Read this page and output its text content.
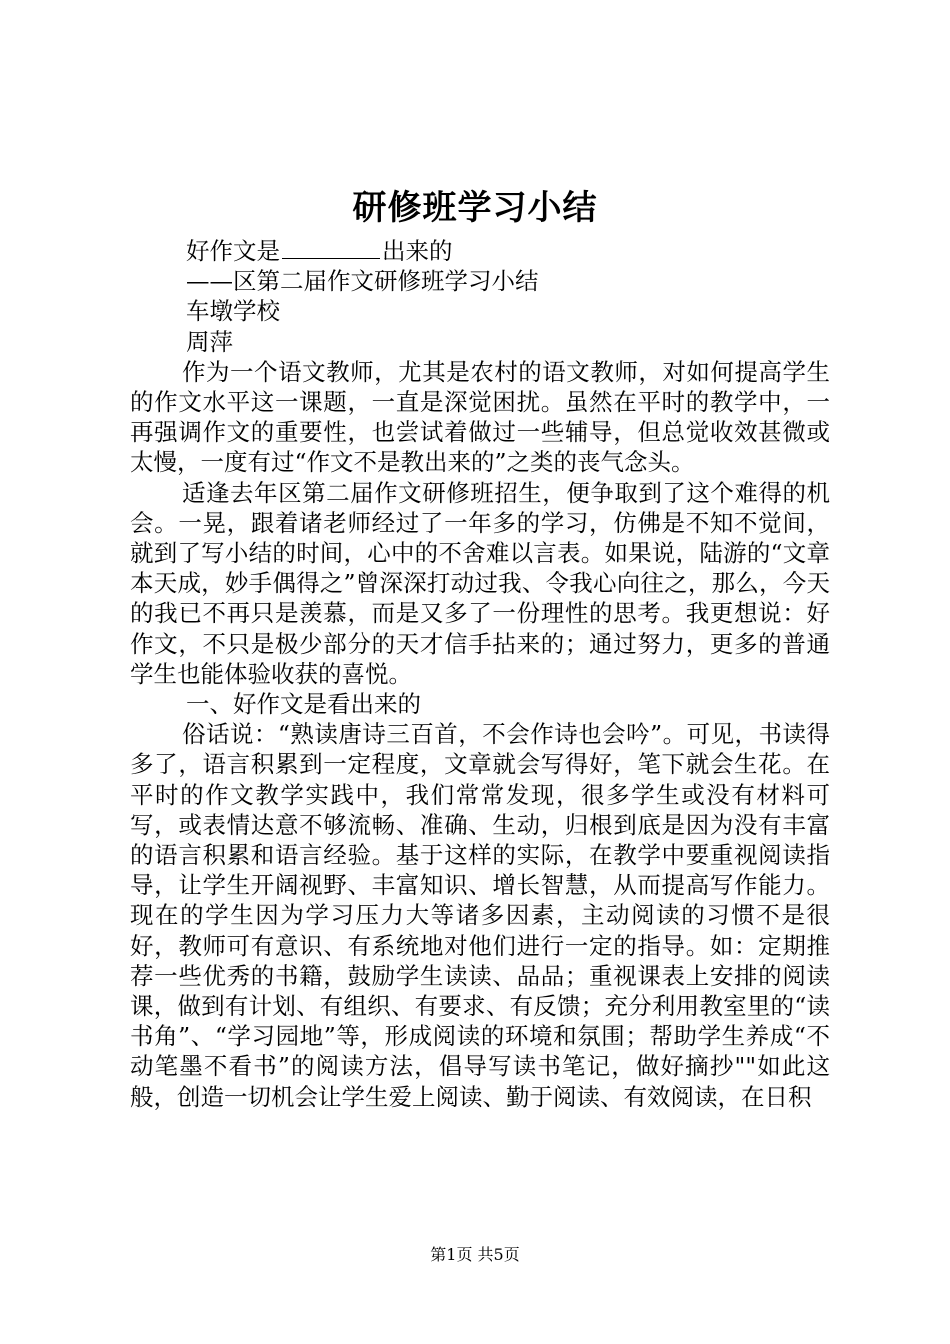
研修班学习小结

好作文是	出来的

——区第二届作文研修班学习小结

车墩学校

周萍

作为一个语文教师，尤其是农村的语文教师，对如何提高学生的作文水平这一课题，一直是深觉困扰。虽然在平时的教学中，一再强调作文的重要性，也尝试着做过一些辅导，但总觉收效甚微或太慢，一度有过“作文不是教出来的”之类的丧气念头。

适逢去年区第二届作文研修班招生，便争取到了这个难得的机会。一晃，跟着诸老师经过了一年多的学习，仿佛是不知不觉间，就到了写小结的时间，心中的不舍难以言表。如果说，陆游的“文章本天成，妙手偶得之”曾深深打动过我、令我心向往之，那么，今天的我已不再只是羡慕，而是又多了一份理性的思考。我更想说：好作文，不只是极少部分的天才信手拈来的；通过努力，更多的普通学生也能体验收获的喜悦。

一、好作文是看出来的

俗话说：“熟读唐诗三百首，不会作诗也会吟”。可见，书读得多了，语言积累到一定程度，文章就会写得好，笔下就会生花。在平时的作文教学实践中，我们常常发现，很多学生或没有材料可写，或表情达意不够流畅、准确、生动，归根到底是因为没有丰富的语言积累和语言经验。基于这样的实际，在教学中要重视阅读指导，让学生开阔视野、丰富知识、增长智慧，从而提高写作能力。现在的学生因为学习压力大等诸多因素，主动阅读的习惯不是很好，教师可有意识、有系统地对他们进行一定的指导。如：定期推荐一些优秀的书籍，鼓励学生读读、品品；重视课表上安排的阅读课，做到有计划、有组织、有要求、有反馈；充分利用教室里的“读书角”、“学习园地”等，形成阅读的环境和氛围；帮助学生养成“不动笔墨不看书”的阅读方法，倡导写读书笔记，做好摘抄""如此这般，创造一切机会让学生爱上阅读、勤于阅读、有效阅读，在日积

第1页 共5页
